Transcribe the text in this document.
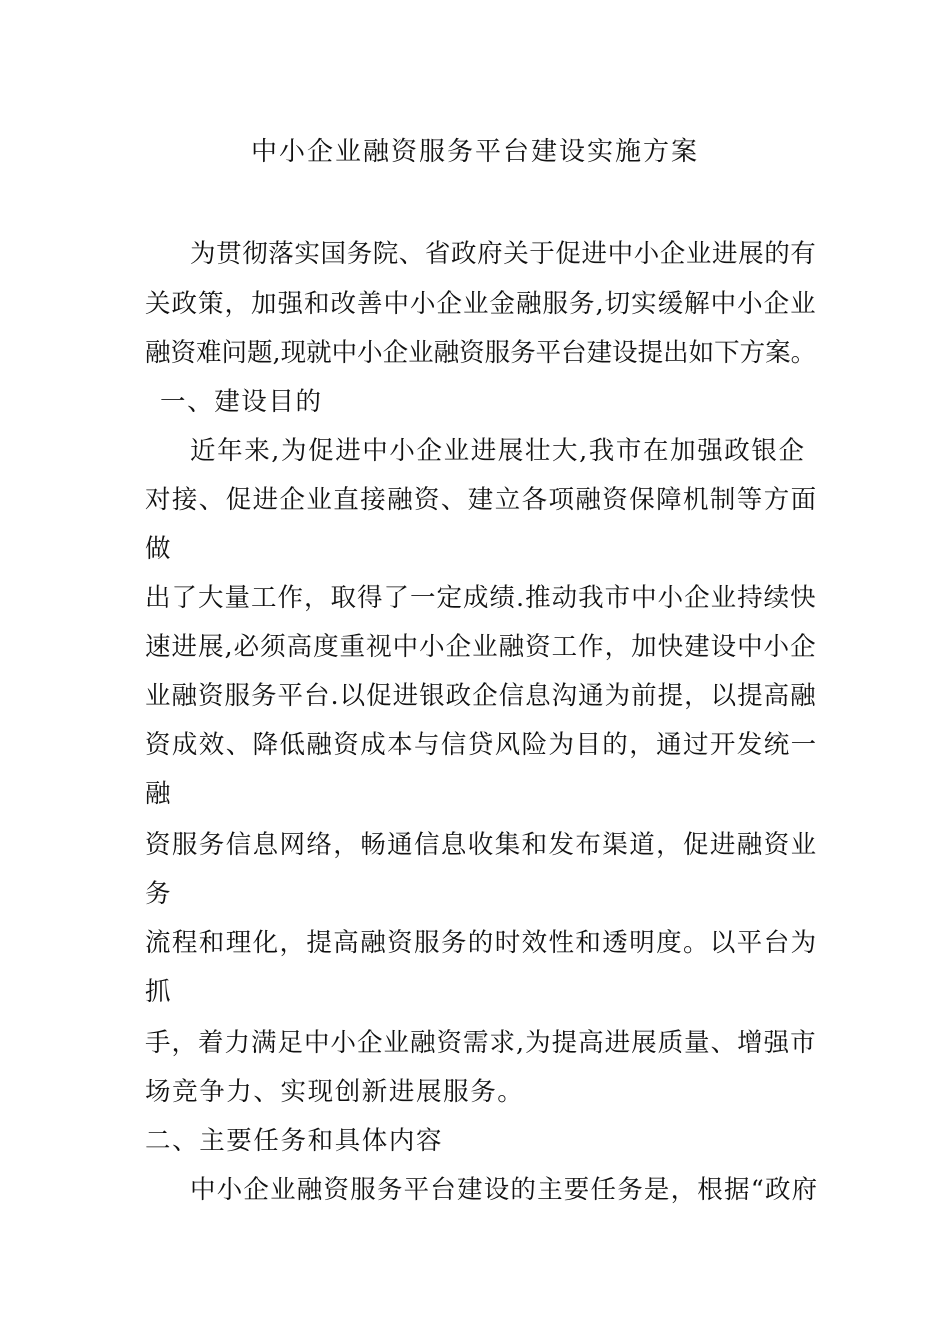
中小企业融资服务平台建设实施方案
为贯彻落实国务院、省政府关于促进中小企业进展的有
关政策，加强和改善中小企业金融服务,切实缓解中小企业
融资难问题,现就中小企业融资服务平台建设提出如下方案。
一、建设目的
近年来,为促进中小企业进展壮大,我市在加强政银企
对接、促进企业直接融资、建立各项融资保障机制等方面
做
出了大量工作，取得了一定成绩.推动我市中小企业持续快
速进展,必须高度重视中小企业融资工作，加快建设中小企
业融资服务平台.以促进银政企信息沟通为前提，以提高融
资成效、降低融资成本与信贷风险为目的，通过开发统一
融
资服务信息网络，畅通信息收集和发布渠道，促进融资业
务
流程和理化，提高融资服务的时效性和透明度。以平台为
抓
手，着力满足中小企业融资需求,为提高进展质量、增强市
场竞争力、实现创新进展服务。
二、主要任务和具体内容
中小企业融资服务平台建设的主要任务是，根据“政府
